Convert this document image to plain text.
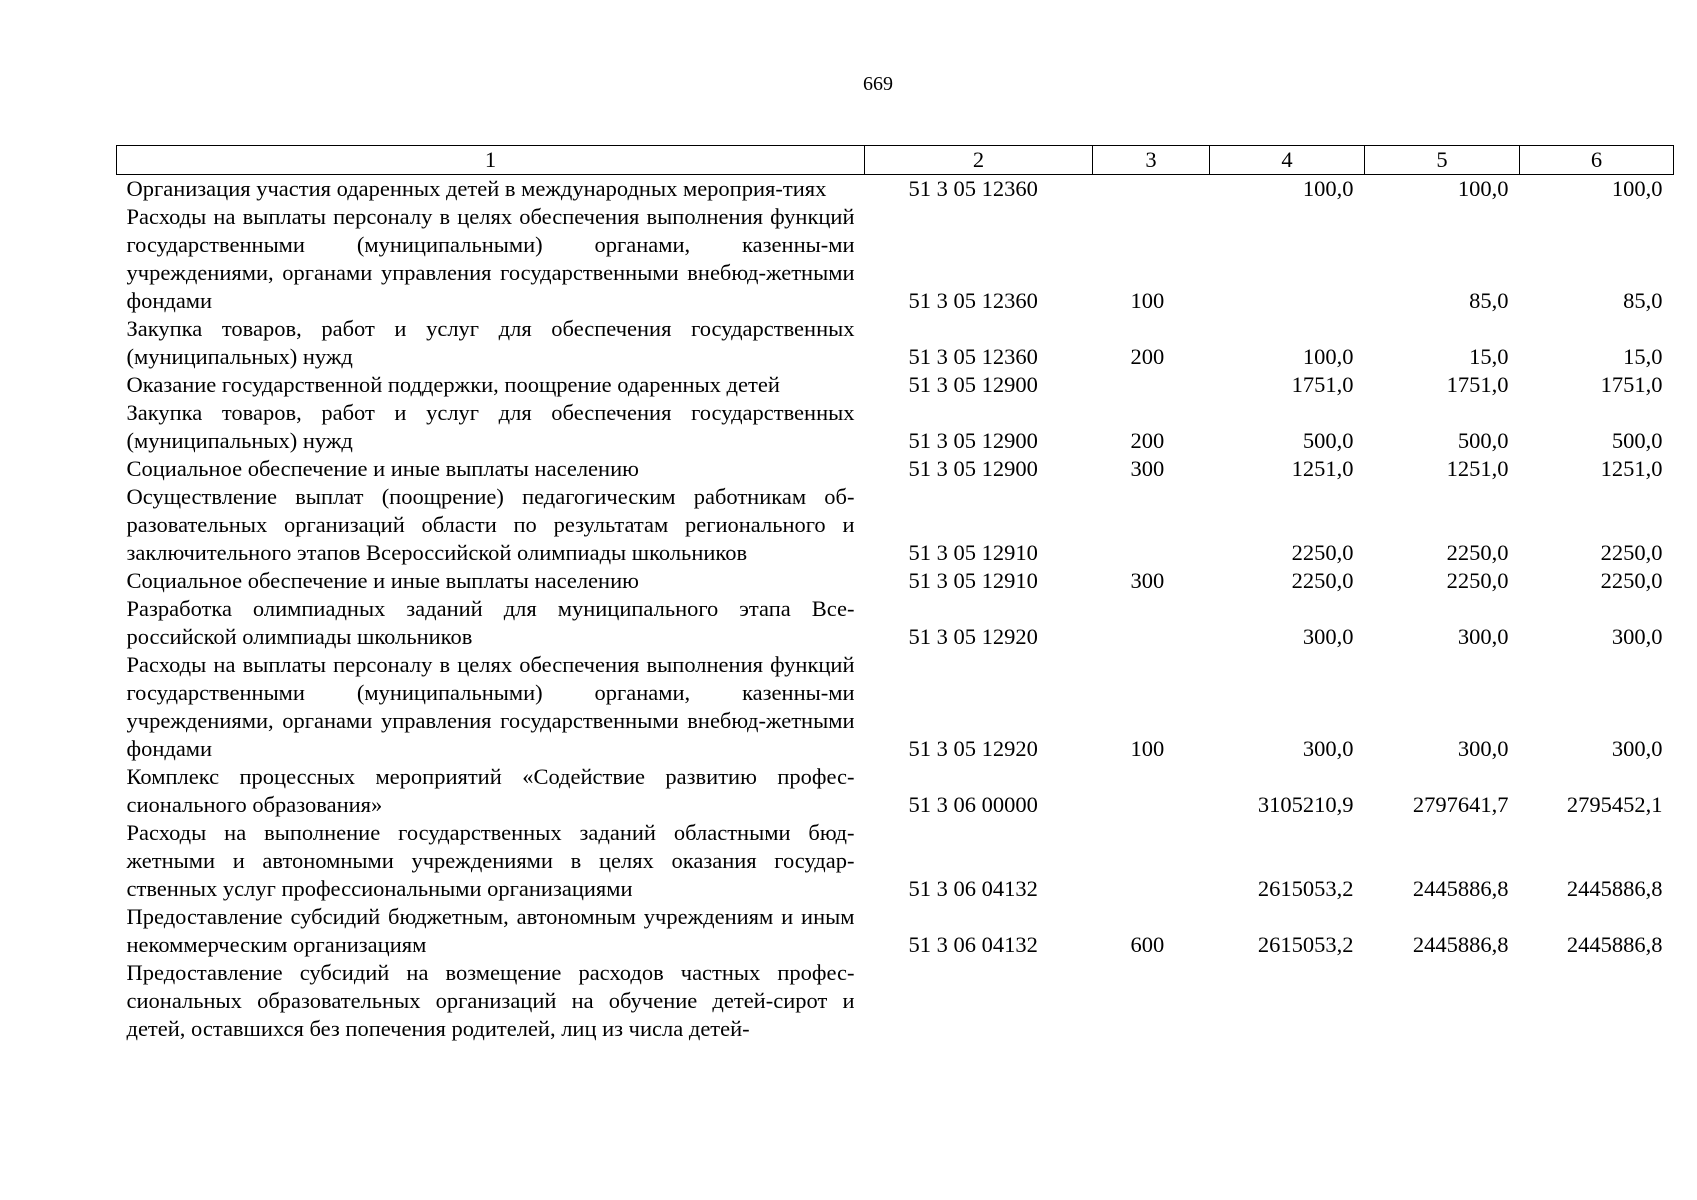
669
1	2	3	4	5	6
Организация участия одаренных детей в международных мероприя-тиях	51 3 05 12360		100,0	100,0	100,0
Расходы на выплаты персоналу в целях обеспечения выполнения функций государственными (муниципальными) органами, казенны-ми учреждениями, органами управления государственными внебюд-жетными фондами	51 3 05 12360	100		85,0	85,0
Закупка товаров, работ и услуг для обеспечения государственных (муниципальных) нужд	51 3 05 12360	200	100,0	15,0	15,0
Оказание государственной поддержки, поощрение одаренных детей	51 3 05 12900		1751,0	1751,0	1751,0
Закупка товаров, работ и услуг для обеспечения государственных (муниципальных) нужд	51 3 05 12900	200	500,0	500,0	500,0
Социальное обеспечение и иные выплаты населению	51 3 05 12900	300	1251,0	1251,0	1251,0
Осуществление выплат (поощрение) педагогическим работникам об-разовательных организаций области по результатам регионального и заключительного этапов Всероссийской олимпиады школьников	51 3 05 12910		2250,0	2250,0	2250,0
Социальное обеспечение и иные выплаты населению	51 3 05 12910	300	2250,0	2250,0	2250,0
Разработка олимпиадных заданий для муниципального этапа Все-российской олимпиады школьников	51 3 05 12920		300,0	300,0	300,0
Расходы на выплаты персоналу в целях обеспечения выполнения функций государственными (муниципальными) органами, казенны-ми учреждениями, органами управления государственными внебюд-жетными фондами	51 3 05 12920	100	300,0	300,0	300,0
Комплекс процессных мероприятий «Содействие развитию профес-сионального образования»	51 3 06 00000		3105210,9	2797641,7	2795452,1
Расходы на выполнение государственных заданий областными бюд-жетными и автономными учреждениями в целях оказания государ-ственных услуг профессиональными организациями	51 3 06 04132		2615053,2	2445886,8	2445886,8
Предоставление субсидий бюджетным, автономным учреждениям и иным некоммерческим организациям	51 3 06 04132	600	2615053,2	2445886,8	2445886,8
Предоставление субсидий на возмещение расходов частных профес-сиональных образовательных организаций на обучение детей-сирот и детей, оставшихся без попечения родителей, лиц из числа детей-					
